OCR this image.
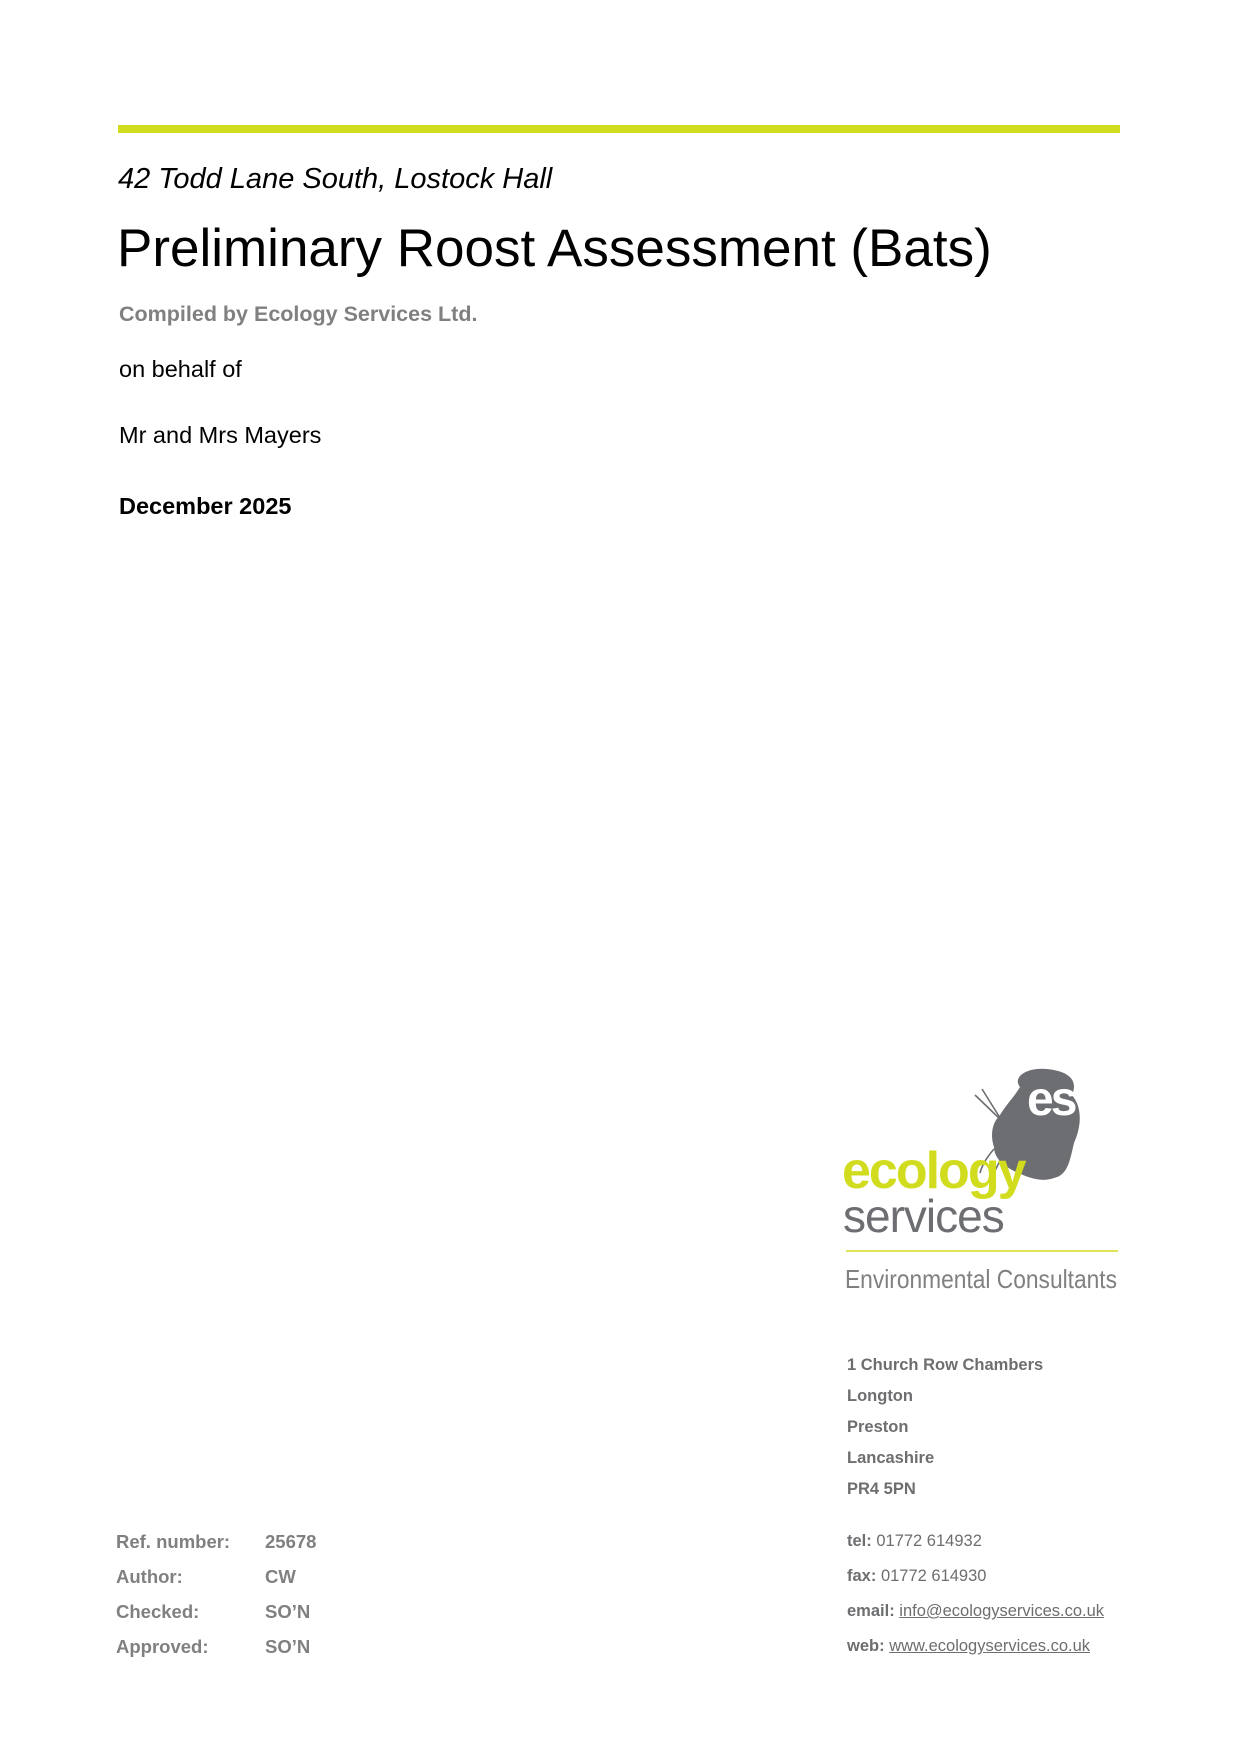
42 Todd Lane South, Lostock Hall
Preliminary Roost Assessment (Bats)
Compiled by Ecology Services Ltd.
on behalf of
Mr and Mrs Mayers
December 2025
es
ecology
services
Environmental Consultants
1 Church Row Chambers
Longton
Preston
Lancashire
PR4 5PN
tel: 01772 614932
fax: 01772 614930
email: info@ecologyservices.co.uk
web: www.ecologyservices.co.uk
Ref. number: 25678
Author:	CW
Checked:	SO’N
Approved:	SO’N
